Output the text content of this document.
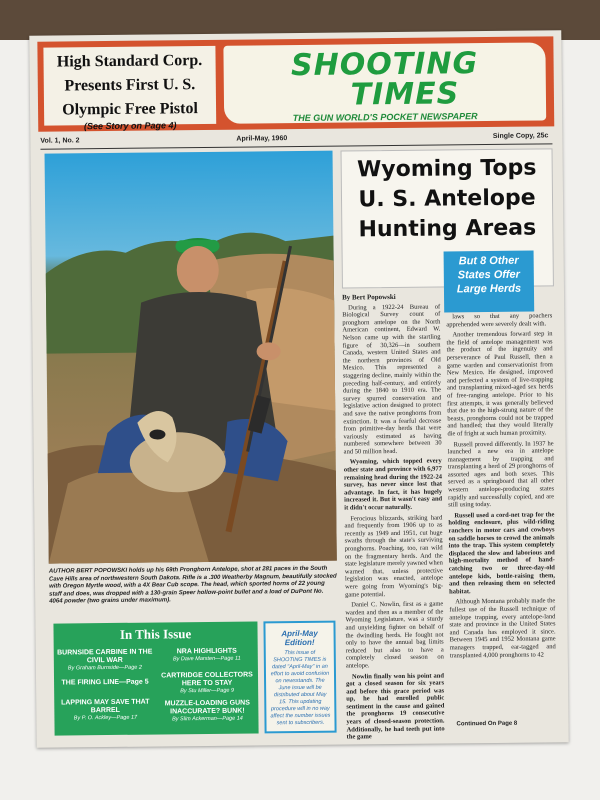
High Standard Corp.
Presents First U. S.
Olympic Free Pistol
(See Story on Page 4)
SHOOTING
TIMES
THE GUN WORLD'S POCKET NEWSPAPER
Vol. 1, No. 2	April-May, 1960	Single Copy, 25c
AUTHOR BERT POPOWSKI holds up his 69th Pronghorn Antelope, shot at 281 paces in the South Cave Hills area of northwestern South Dakota. Rifle is a .300 Weatherby Magnum, beautifully stocked with Oregon Myrtle wood, with a 4X Bear Cub scope. The head, which sported horns of 22 young staff and does, was dropped with a 130-grain Speer hollow-point bullet and a load of DuPont No. 4064 powder (two grains under maximum).
Wyoming Tops
U. S. Antelope
Hunting Areas
But 8 Other
States Offer
Large Herds

By Bert Popowski

During a 1922-24 Bureau of Biological Survey count of pronghorn antelope on the North American continent, Edward W. Nelson came up with the startling figure of 30,326—in southern Canada, western United States and the northern provinces of Old Mexico. This represented a staggering decline, mainly within the preceding half-century, and entirely during the 1840 to 1910 era. The survey spurred conservation and legislative action designed to protect and save the native pronghorns from extinction. It was a fearful decrease from primitive-day herds that were variously estimated as having numbered somewhere between 30 and 50 million head.

Wyoming, which topped every other state and province with 6,977 remaining head during the 1922-24 survey, has never since lost that advantage. In fact, it has hugely increased it. But it wasn't easy and it didn't occur naturally.

Ferocious blizzards, striking hard and frequently from 1906 up to as recently as 1949 and 1951, cut huge swaths through the state's surviving pronghorns. Poaching, too, ran wild on the fragmentary herds. And the state legislature merely yawned when warned that, unless protective legislation was enacted, antelope were going from Wyoming's big-game potential.

Daniel C. Nowlin, first as a game warden and then as a member of the Wyoming Legislature, was a sturdy and unyielding fighter on behalf of the dwindling herds. He fought not only to have the annual bag limits reduced but also to have a completely closed season on antelope.

Nowlin finally won his point and got a closed season for six years and before this grace period was up, he had enrolled public sentiment in the cause and gained the pronghorns 19 consecutive years of closed-season protection. Additionally, he had teeth put into the game

laws so that any poachers apprehended were severely dealt with.

Another tremendous forward step in the field of antelope management was the product of the ingenuity and perseverance of Paul Russell, then a game warden and conservationist from New Mexico. He designed, improved and perfected a system of live-trapping and transplanting mixed-aged sex herds of free-ranging antelope. Prior to his first attempts, it was generally believed that due to the high-strung nature of the beasts, pronghorns could not be trapped and handled; that they would literally die of fright at such human proximity.

Russell proved differently. In 1937 he launched a new era in antelope management by trapping and transplanting a herd of 29 pronghorns of assorted ages and both sexes. This served as a springboard that all other western antelope-producing states rapidly and successfully copied, and are still using today.

Russell used a cord-net trap for the holding enclosure, plus wild-riding ranchers in motor cars and cowboys on saddle horses to crowd the animals into the trap. This system completely displaced the slow and laborious and high-mortality method of hand-catching two or three-day-old antelope kids, bottle-raising them, and then releasing them on selected habitat.

Although Montana probably made the fullest use of the Russell technique of antelope trapping, every antelope-land state and province in the United States and Canada has employed it since. Between 1945 and 1952 Montana game managers trapped, ear-tagged and transplanted 4,000 pronghorns to 42

Continued On Page 8
In This Issue
BURNSIDE CARBINE IN THE CIVIL WAR
By Graham Burnside—Page 2
NRA HIGHLIGHTS
By Dave Marsten—Page 11
THE FIRING LINE—Page 5
CARTRIDGE COLLECTORS HERE TO STAY
By Stu Miller—Page 9
LAPPING MAY SAVE THAT BARREL
By P. O. Ackley—Page 17
MUZZLE-LOADING GUNS INACCURATE? BUNK!
By Slim Ackerman—Page 14
April-May Edition!
This issue of SHOOTING TIMES is dated "April-May" in an effort to avoid confusion on newsstands. The June issue will be distributed about May 15. This updating procedure will in no way affect the number issues sent to subscribers.
